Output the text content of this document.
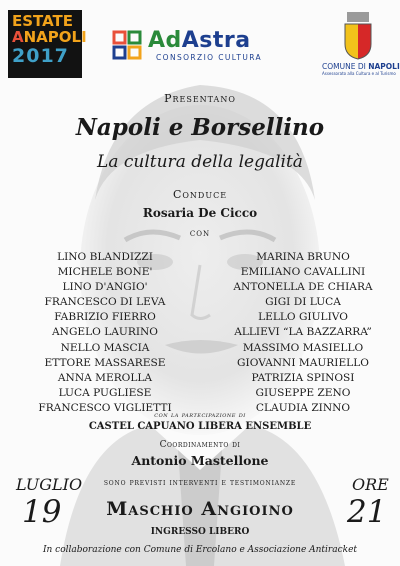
ESTATE
ANAPOLI
2017
AdAstra
CONSORZIO CULTURA
COMUNE DI NAPOLI
Assessorato alla Cultura e al Turismo
Presentano
Napoli e Borsellino
La cultura della legalità
Conduce
Rosaria De Cicco
con
LINO BLANDIZZI
MICHELE BONE'
LINO D'ANGIO'
FRANCESCO DI LEVA
FABRIZIO FIERRO
ANGELO LAURINO
NELLO MASCIA
ETTORE MASSARESE
ANNA MEROLLA
LUCA PUGLIESE
FRANCESCO VIGLIETTI
MARINA BRUNO
EMILIANO CAVALLINI
ANTONELLA DE CHIARA
GIGI DI LUCA
LELLO GIULIVO
ALLIEVI “LA BAZZARRA”
MASSIMO MASIELLO
GIOVANNI MAURIELLO
PATRIZIA SPINOSI
GIUSEPPE ZENO
CLAUDIA ZINNO
con la partecipazione di
CASTEL CAPUANO LIBERA ENSEMBLE
Coordinamento di
Antonio Mastellone
sono previsti interventi e testimonianze
LUGLIO
19
ORE
21
Maschio Angioino
INGRESSO LIBERO
In collaborazione con Comune di Ercolano e Associazione Antiracket
